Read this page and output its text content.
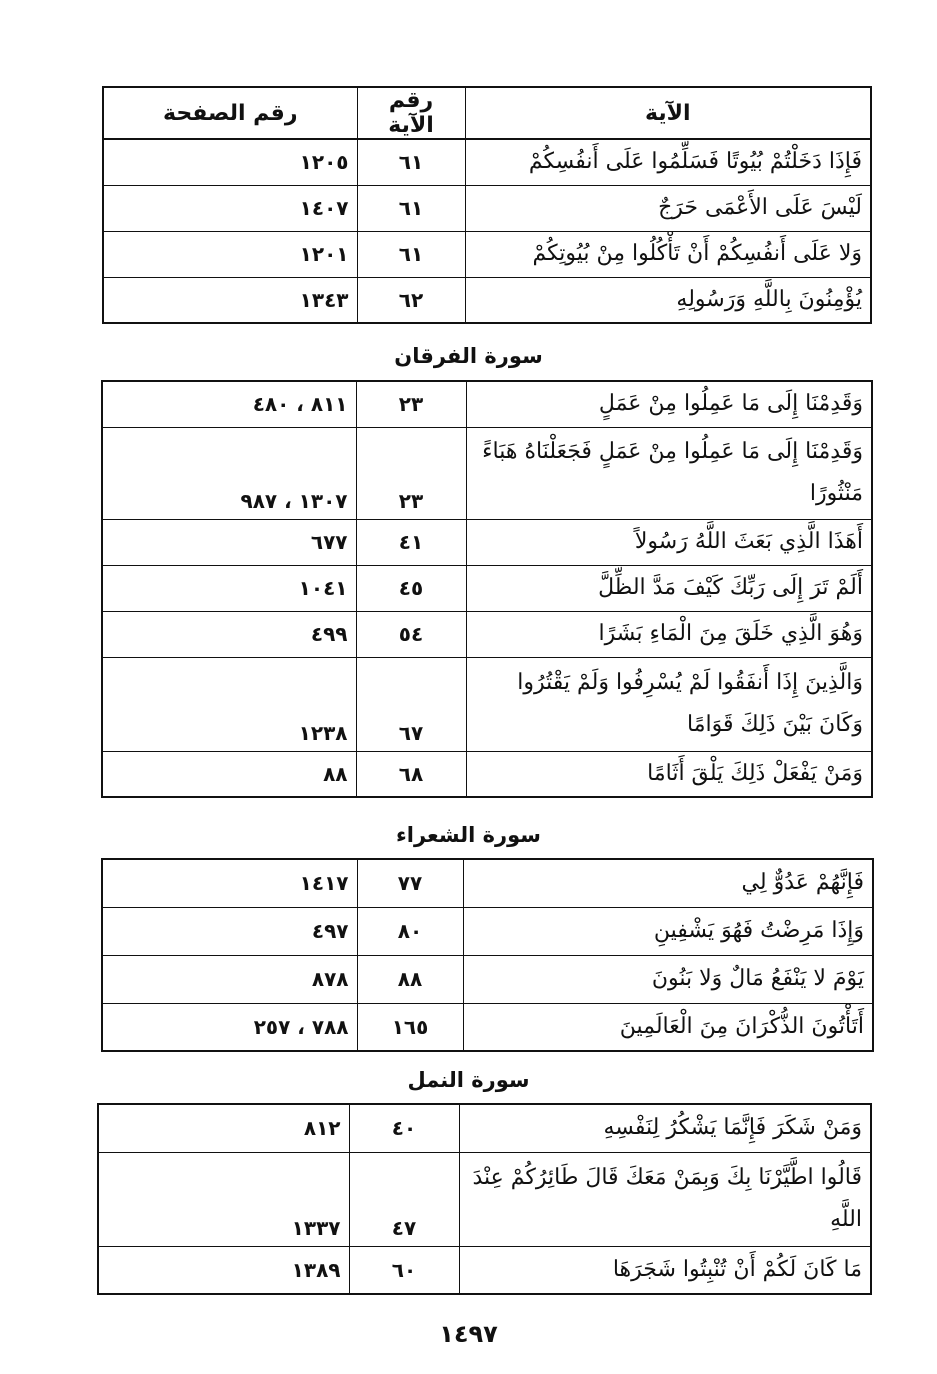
الآية	رقم الآية	رقم الصفحة
فَإِذَا دَخَلْتُمْ بُيُوتًا فَسَلِّمُوا عَلَى أَنفُسِكُمْ	٦١	١٢٠٥
لَيْسَ عَلَى الأَعْمَى حَرَجٌ	٦١	١٤٠٧
وَلا عَلَى أَنفُسِكُمْ أَنْ تَأْكُلُوا مِنْ بُيُوتِكُمْ	٦١	١٢٠١
يُؤْمِنُونَ بِاللَّهِ وَرَسُولِهِ	٦٢	١٣٤٣
سورة الفرقان
وَقَدِمْنَا إِلَى مَا عَمِلُوا مِنْ عَمَلٍ	٢٣	٨١١ ، ٤٨٠
وَقَدِمْنَا إِلَى مَا عَمِلُوا مِنْ عَمَلٍ فَجَعَلْنَاهُ هَبَاءً مَنْثُورًا	٢٣	١٣٠٧ ، ٩٨٧
أَهَذَا الَّذِي بَعَثَ اللَّهُ رَسُولاً	٤١	٦٧٧
أَلَمْ تَرَ إِلَى رَبِّكَ كَيْفَ مَدَّ الظِّلَّ	٤٥	١٠٤١
وَهُوَ الَّذِي خَلَقَ مِنَ الْمَاءِ بَشَرًا	٥٤	٤٩٩
وَالَّذِينَ إِذَا أَنفَقُوا لَمْ يُسْرِفُوا وَلَمْ يَقْتُرُوا وَكَانَ بَيْنَ ذَلِكَ قَوَامًا	٦٧	١٢٣٨
وَمَنْ يَفْعَلْ ذَلِكَ يَلْقَ أَثَامًا	٦٨	٨٨
سورة الشعراء
فَإِنَّهُمْ عَدُوٌّ لِي	٧٧	١٤١٧
وَإِذَا مَرِضْتُ فَهُوَ يَشْفِينِ	٨٠	٤٩٧
يَوْمَ لا يَنْفَعُ مَالٌ وَلا بَنُونَ	٨٨	٨٧٨
أَتَأْتُونَ الذُّكْرَانَ مِنَ الْعَالَمِينَ	١٦٥	٧٨٨ ، ٢٥٧
سورة النمل
وَمَنْ شَكَرَ فَإِنَّمَا يَشْكُرُ لِنَفْسِهِ	٤٠	٨١٢
قَالُوا اطَّيَّرْنَا بِكَ وَبِمَنْ مَعَكَ قَالَ طَائِرُكُمْ عِنْدَ اللَّهِ	٤٧	١٣٣٧
مَا كَانَ لَكُمْ أَنْ تُنْبِتُوا شَجَرَهَا	٦٠	١٣٨٩
١٤٩٧
